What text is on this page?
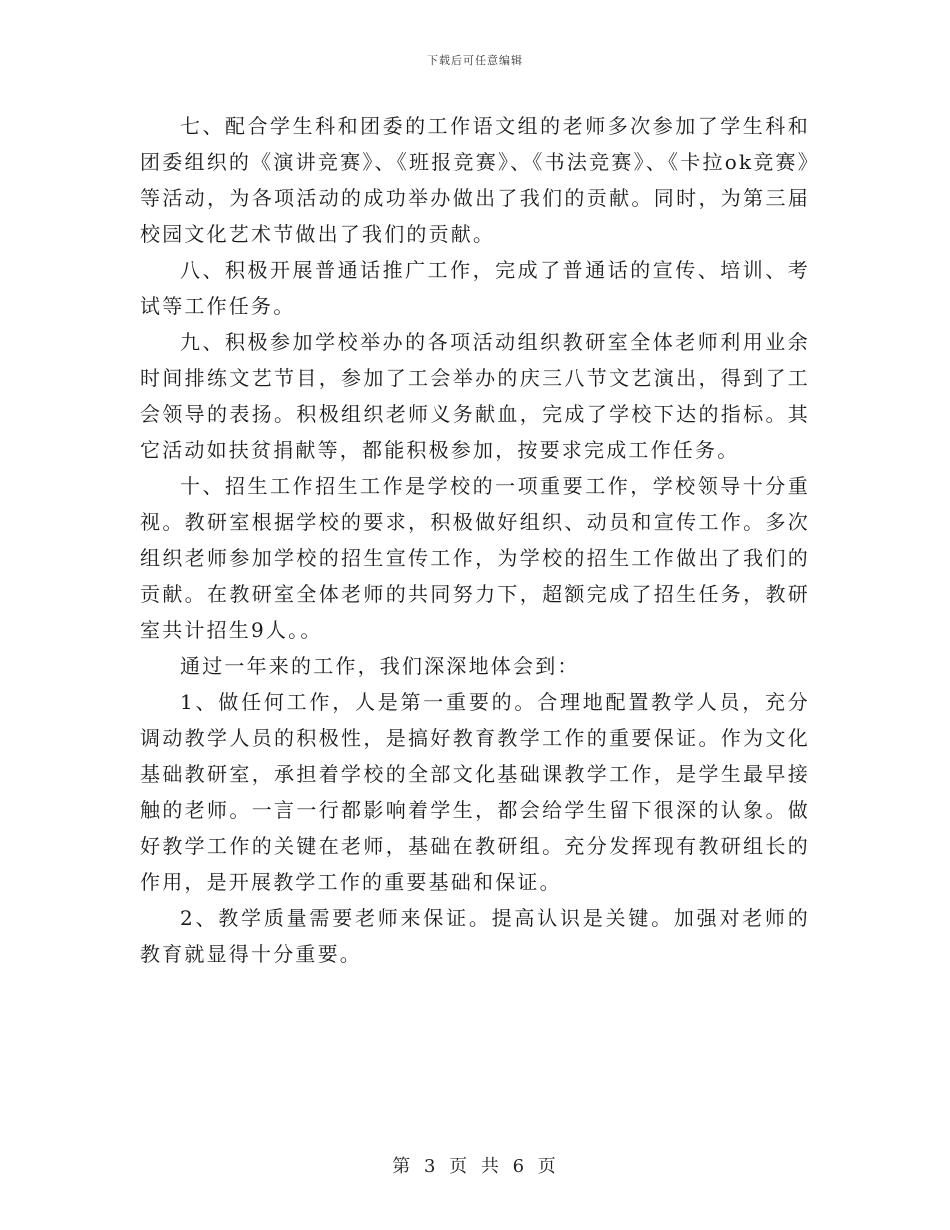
下载后可任意编辑

七、配合学生科和团委的工作语文组的老师多次参加了学生科和团委组织的《演讲竞赛》、《班报竞赛》、《书法竞赛》、《卡拉ok竞赛》等活动，为各项活动的成功举办做出了我们的贡献。同时，为第三届校园文化艺术节做出了我们的贡献。

八、积极开展普通话推广工作，完成了普通话的宣传、培训、考试等工作任务。

九、积极参加学校举办的各项活动组织教研室全体老师利用业余时间排练文艺节目，参加了工会举办的庆三八节文艺演出，得到了工会领导的表扬。积极组织老师义务献血，完成了学校下达的指标。其它活动如扶贫捐献等，都能积极参加，按要求完成工作任务。

十、招生工作招生工作是学校的一项重要工作，学校领导十分重视。教研室根据学校的要求，积极做好组织、动员和宣传工作。多次组织老师参加学校的招生宣传工作，为学校的招生工作做出了我们的贡献。在教研室全体老师的共同努力下，超额完成了招生任务，教研室共计招生9人。。

通过一年来的工作，我们深深地体会到：

1、做任何工作，人是第一重要的。合理地配置教学人员，充分调动教学人员的积极性，是搞好教育教学工作的重要保证。作为文化基础教研室，承担着学校的全部文化基础课教学工作，是学生最早接触的老师。一言一行都影响着学生，都会给学生留下很深的认象。做好教学工作的关键在老师，基础在教研组。充分发挥现有教研组长的作用，是开展教学工作的重要基础和保证。

2、教学质量需要老师来保证。提高认识是关键。加强对老师的教育就显得十分重要。

第 3 页 共 6 页
